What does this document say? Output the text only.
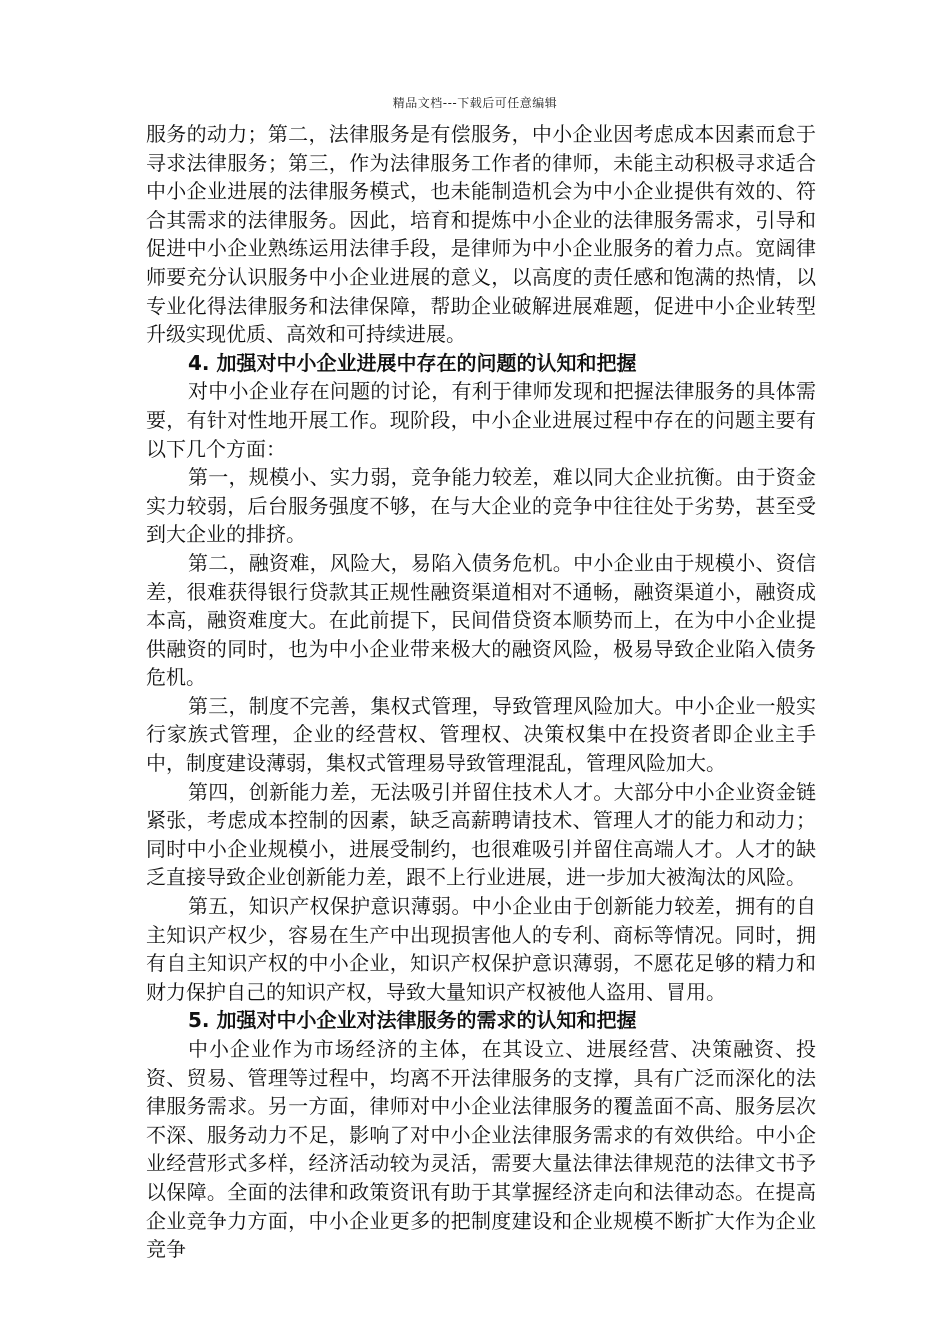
精品文档---下载后可任意编辑

服务的动力；第二，法律服务是有偿服务，中小企业因考虑成本因素而怠于寻求法律服务；第三，作为法律服务工作者的律师，未能主动积极寻求适合中小企业进展的法律服务模式，也未能制造机会为中小企业提供有效的、符合其需求的法律服务。因此，培育和提炼中小企业的法律服务需求，引导和促进中小企业熟练运用法律手段，是律师为中小企业服务的着力点。宽阔律师要充分认识服务中小企业进展的意义，以高度的责任感和饱满的热情，以专业化得法律服务和法律保障，帮助企业破解进展难题，促进中小企业转型升级实现优质、高效和可持续进展。

4. 加强对中小企业进展中存在的问题的认知和把握

对中小企业存在问题的讨论，有利于律师发现和把握法律服务的具体需要，有针对性地开展工作。现阶段，中小企业进展过程中存在的问题主要有以下几个方面：

第一，规模小、实力弱，竞争能力较差，难以同大企业抗衡。由于资金实力较弱，后台服务强度不够，在与大企业的竞争中往往处于劣势，甚至受到大企业的排挤。

第二，融资难，风险大，易陷入债务危机。中小企业由于规模小、资信差，很难获得银行贷款其正规性融资渠道相对不通畅，融资渠道小，融资成本高，融资难度大。在此前提下，民间借贷资本顺势而上，在为中小企业提供融资的同时，也为中小企业带来极大的融资风险，极易导致企业陷入债务危机。

第三，制度不完善，集权式管理，导致管理风险加大。中小企业一般实行家族式管理，企业的经营权、管理权、决策权集中在投资者即企业主手中，制度建设薄弱，集权式管理易导致管理混乱，管理风险加大。

第四，创新能力差，无法吸引并留住技术人才。大部分中小企业资金链紧张，考虑成本控制的因素，缺乏高薪聘请技术、管理人才的能力和动力；同时中小企业规模小，进展受制约，也很难吸引并留住高端人才。人才的缺乏直接导致企业创新能力差，跟不上行业进展，进一步加大被淘汰的风险。

第五，知识产权保护意识薄弱。中小企业由于创新能力较差，拥有的自主知识产权少，容易在生产中出现损害他人的专利、商标等情况。同时，拥有自主知识产权的中小企业，知识产权保护意识薄弱，不愿花足够的精力和财力保护自己的知识产权，导致大量知识产权被他人盗用、冒用。

5. 加强对中小企业对法律服务的需求的认知和把握

中小企业作为市场经济的主体，在其设立、进展经营、决策融资、投资、贸易、管理等过程中，均离不开法律服务的支撑，具有广泛而深化的法律服务需求。另一方面，律师对中小企业法律服务的覆盖面不高、服务层次不深、服务动力不足，影响了对中小企业法律服务需求的有效供给。中小企业经营形式多样，经济活动较为灵活，需要大量法律法律规范的法律文书予以保障。全面的法律和政策资讯有助于其掌握经济走向和法律动态。在提高企业竞争力方面，中小企业更多的把制度建设和企业规模不断扩大作为企业竞争
